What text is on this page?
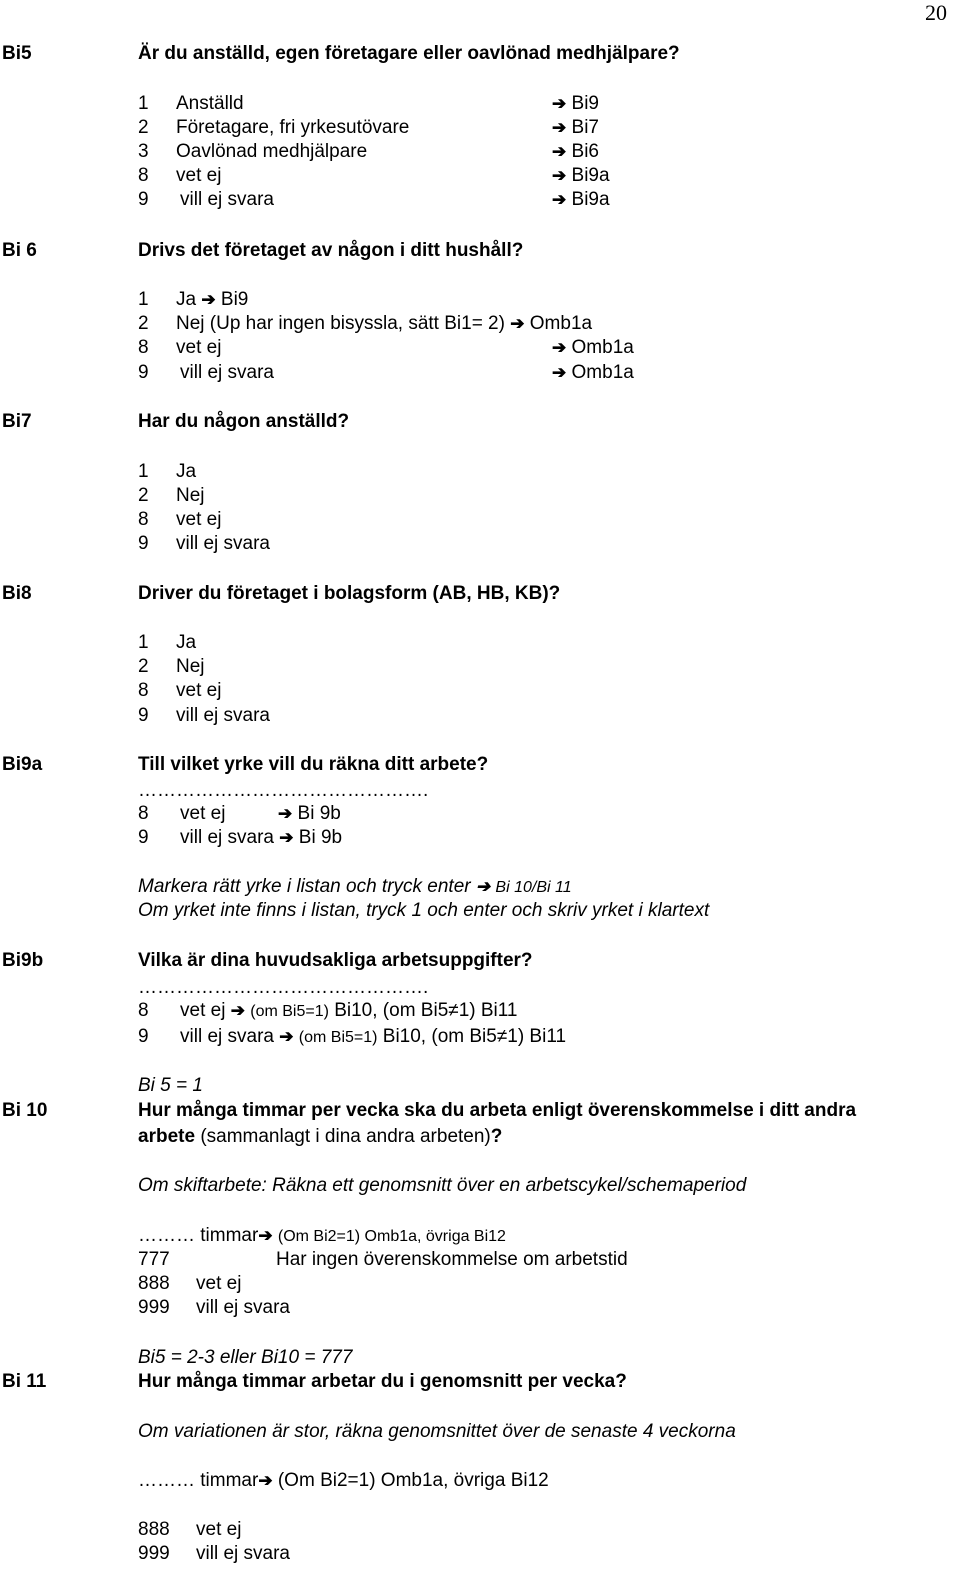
20
Bi5	Är du anställd, egen företagare eller oavlönad medhjälpare?
1 Anställd	➔ Bi9
2 Företagare, fri yrkesutövare	➔ Bi7
3 Oavlönad medhjälpare	➔ Bi6
8 vet ej	➔ Bi9a
9 vill ej svara	➔ Bi9a
Bi 6	Drivs det företaget av någon i ditt hushåll?
1 Ja ➔ Bi9
2 Nej (Up har ingen bisyssla, sätt Bi1= 2) ➔ Omb1a
8 vet ej	➔ Omb1a
9 vill ej svara	➔ Omb1a
Bi7	Har du någon anställd?
1 Ja
2 Nej
8 vet ej
9 vill ej svara
Bi8	Driver du företaget i bolagsform (AB, HB, KB)?
1 Ja
2 Nej
8 vet ej
9 vill ej svara
Bi9a	Till vilket yrke vill du räkna ditt arbete?
……………………………………….
8 vet ej	➔ Bi 9b
9 vill ej svara ➔ Bi 9b
Markera rätt yrke i listan och tryck enter ➔ Bi 10/Bi 11
Om yrket inte finns i listan, tryck 1 och enter och skriv yrket i klartext
Bi9b	Vilka är dina huvudsakliga arbetsuppgifter?
……………………………………….
8 vet ej ➔ (om Bi5=1) Bi10, (om Bi5≠1) Bi11
9 vill ej svara ➔ (om Bi5=1) Bi10, (om Bi5≠1) Bi11
Bi 5 = 1
Bi 10	Hur många timmar per vecka ska du arbeta enligt överenskommelse i ditt andra
arbete (sammanlagt i dina andra arbeten)?
Om skiftarbete: Räkna ett genomsnitt över en arbetscykel/schemaperiod
……… timmar➔ (Om Bi2=1) Omb1a, övriga Bi12
777	Har ingen överenskommelse om arbetstid
888 vet ej
999 vill ej svara
Bi5 = 2-3 eller Bi10 = 777
Bi 11	Hur många timmar arbetar du i genomsnitt per vecka?
Om variationen är stor, räkna genomsnittet över de senaste 4 veckorna
……… timmar➔ (Om Bi2=1) Omb1a, övriga Bi12
888 vet ej
999 vill ej svara
